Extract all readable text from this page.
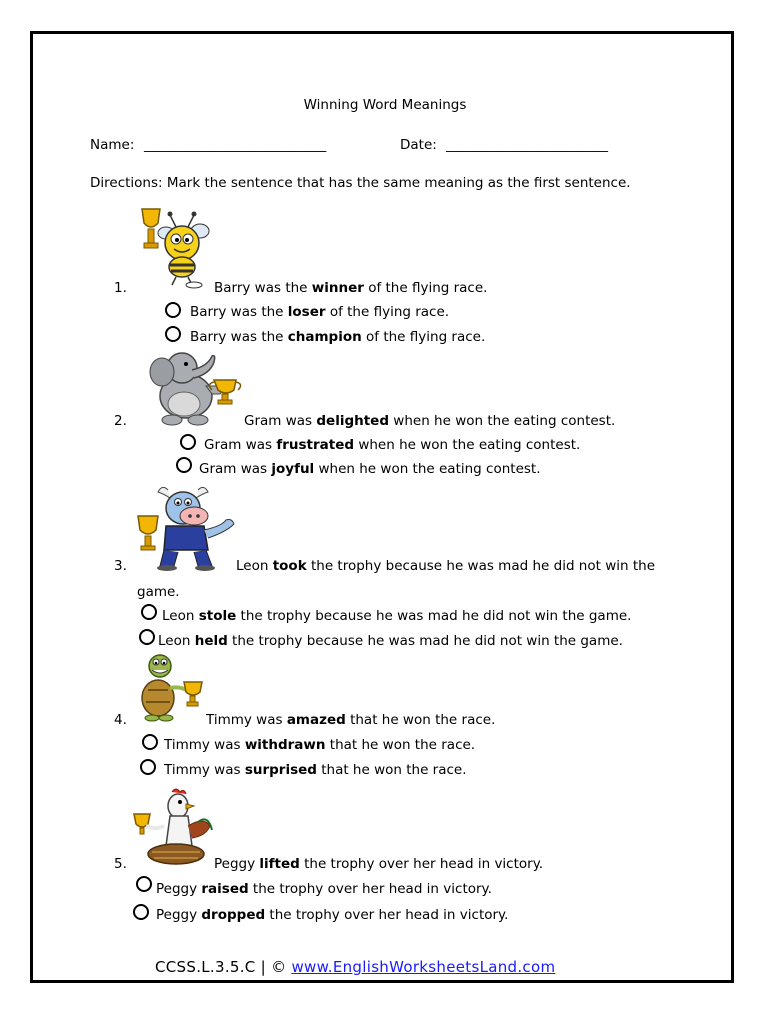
Winning Word Meanings
Name: ___________________________	Date: ________________________
Directions: Mark the sentence that has the same meaning as the first sentence.
1.	Barry was the winner of the flying race.
Barry was the loser of the flying race.
Barry was the champion of the flying race.
2.	Gram was delighted when he won the eating contest.
Gram was frustrated when he won the eating contest.
Gram was joyful when he won the eating contest.
3.	Leon took the trophy because he was mad he did not win the
game.
Leon stole the trophy because he was mad he did not win the game.
Leon held the trophy because he was mad he did not win the game.
4.	Timmy was amazed that he won the race.
Timmy was withdrawn that he won the race.
Timmy was surprised that he won the race.
5.	Peggy lifted the trophy over her head in victory.
Peggy raised the trophy over her head in victory.
Peggy dropped the trophy over her head in victory.
CCSS.L.3.5.C | © www.EnglishWorksheetsLand.com
